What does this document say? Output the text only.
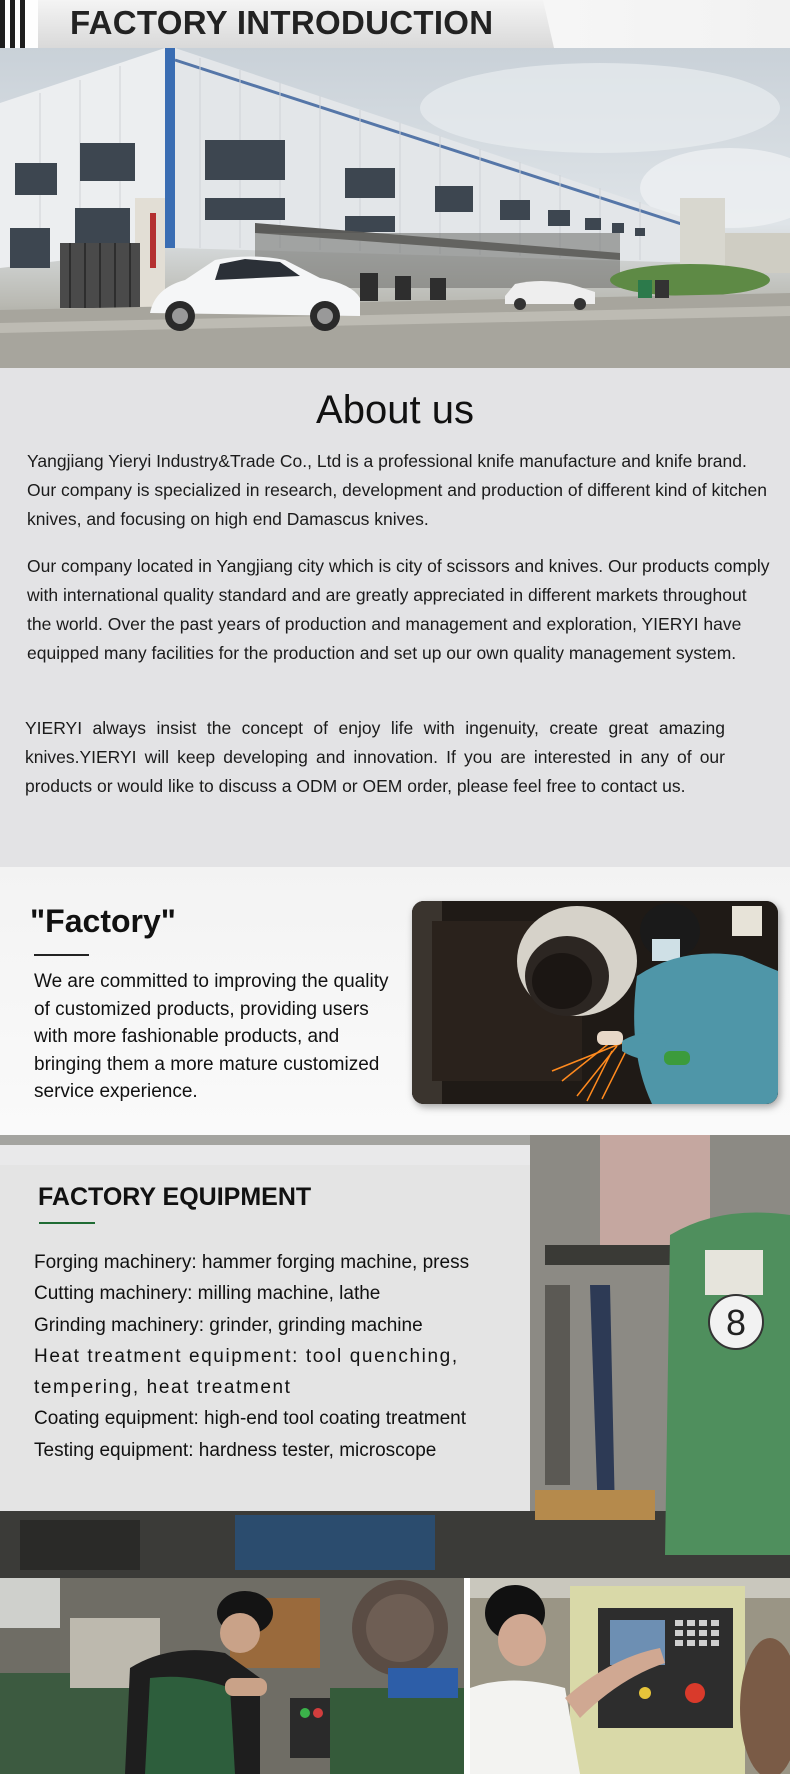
FACTORY INTRODUCTION
About us

Yangjiang Yieryi Industry&Trade Co., Ltd is a professional knife manufacture and knife brand. Our company is specialized in research, development and production of different kind of kitchen knives, and focusing on high end Damascus knives.

Our company located in Yangjiang city which is city of scissors and knives. Our products comply with international quality standard and are greatly appreciated in different markets throughout the world. Over the past years of production and management and exploration, YIERYI have equipped many facilities for the production and set up our own quality management system.

YIERYI always insist the concept of enjoy life with ingenuity, create great amazing knives.YIERYI will keep developing and innovation. If you are interested in any of our products or would like to discuss a ODM or OEM order, please feel free to contact us.

"Factory"

We are committed to improving the quality of customized products, providing users with more fashionable products, and bringing them a more mature customized service experience.

8
FACTORY EQUIPMENT
Forging machinery: hammer forging machine, press
Cutting machinery: milling machine, lathe
Grinding machinery: grinder, grinding machine
Heat treatment equipment: tool quenching, tempering, heat treatment
Coating equipment: high-end tool coating treatment
Testing equipment: hardness tester, microscope
